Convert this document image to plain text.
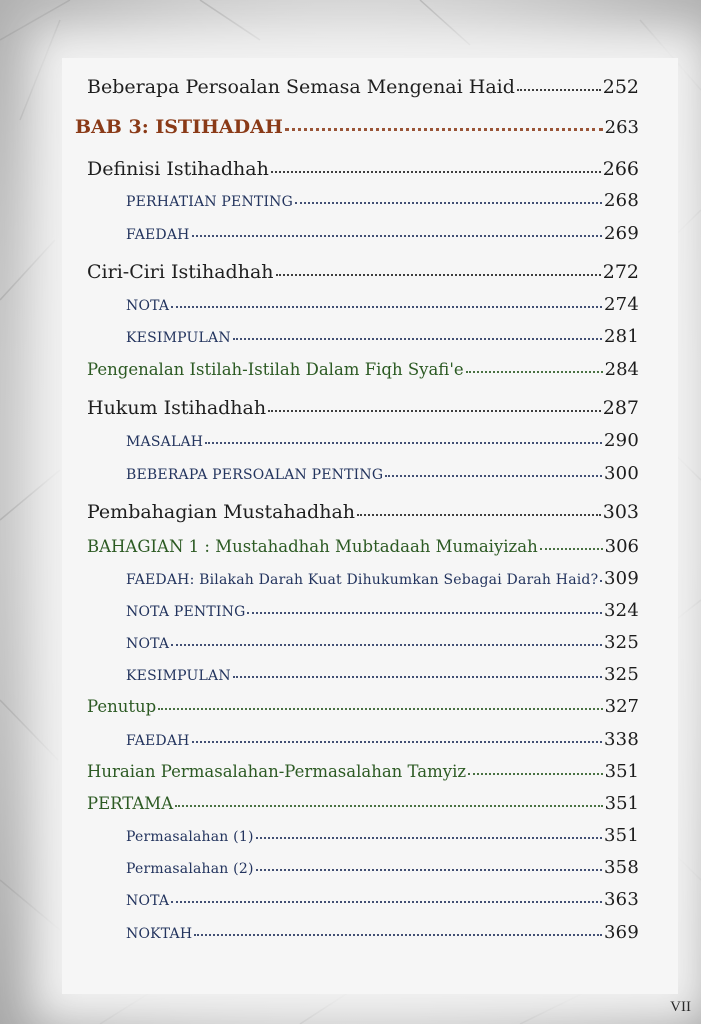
Beberapa Persoalan Semasa Mengenai Haid	252
BAB 3: ISTIHADAH	263
Definisi Istihadhah	266
PERHATIAN PENTING	268
FAEDAH	269
Ciri-Ciri Istihadhah	272
NOTA	274
KESIMPULAN	281
Pengenalan Istilah-Istilah Dalam Fiqh Syafi'e	284
Hukum Istihadhah	287
MASALAH	290
BEBERAPA PERSOALAN PENTING	300
Pembahagian Mustahadhah	303
BAHAGIAN 1 : Mustahadhah Mubtadaah Mumaiyizah	306
FAEDAH: Bilakah Darah Kuat Dihukumkan Sebagai Darah Haid? 309
NOTA PENTING	324
NOTA	325
KESIMPULAN	325
Penutup	327
FAEDAH	338
Huraian Permasalahan-Permasalahan Tamyiz	351
PERTAMA	351
Permasalahan (1)	351
Permasalahan (2)	358
NOTA	363
NOKTAH	369
VII
